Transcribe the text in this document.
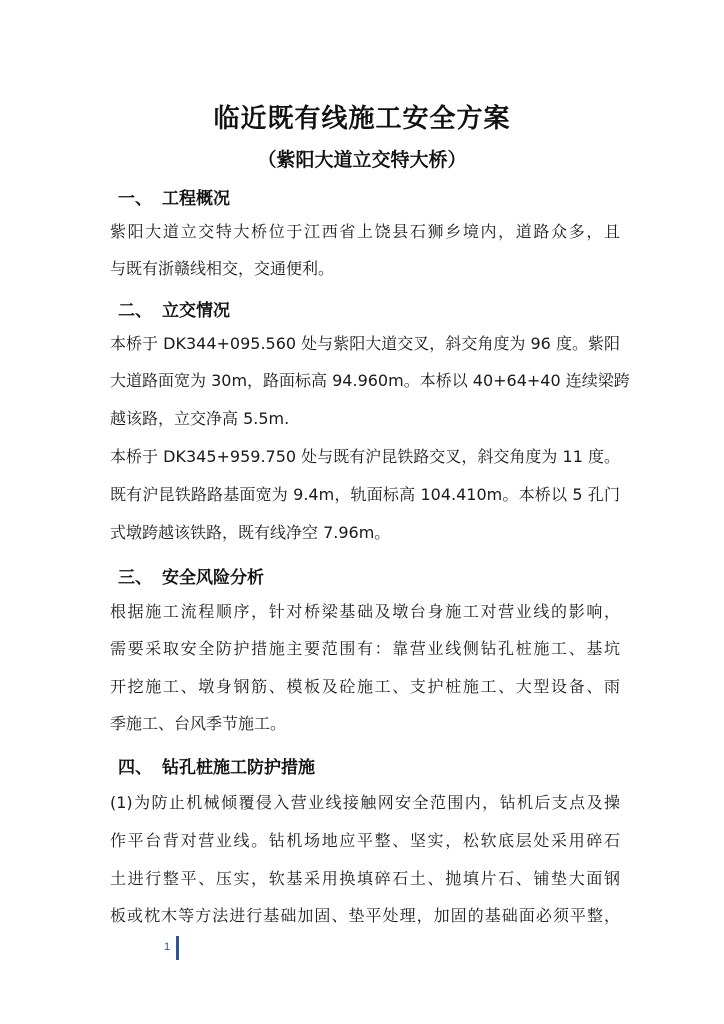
临近既有线施工安全方案
（紫阳大道立交特大桥）
一、 工程概况
紫阳大道立交特大桥位于江西省上饶县石狮乡境内，道路众多，且
与既有浙赣线相交，交通便利。
二、 立交情况
本桥于 DK344+095.560 处与紫阳大道交叉，斜交角度为 96 度。紫阳
大道路面宽为 30m，路面标高 94.960m。本桥以 40+64+40 连续梁跨
越该路，立交净高 5.5m.
本桥于 DK345+959.750 处与既有沪昆铁路交叉，斜交角度为 11 度。
既有沪昆铁路路基面宽为 9.4m，轨面标高 104.410m。本桥以 5 孔门
式墩跨越该铁路，既有线净空 7.96m。
三、 安全风险分析
根据施工流程顺序，针对桥梁基础及墩台身施工对营业线的影响，
需要采取安全防护措施主要范围有：靠营业线侧钻孔桩施工、基坑
开挖施工、墩身钢筋、模板及砼施工、支护桩施工、大型设备、雨
季施工、台风季节施工。
四、 钻孔桩施工防护措施
(1)为防止机械倾覆侵入营业线接触网安全范围内，钻机后支点及操
作平台背对营业线。钻机场地应平整、坚实，松软底层处采用碎石
土进行整平、压实，软基采用换填碎石土、抛填片石、铺垫大面钢
板或枕木等方法进行基础加固、垫平处理，加固的基础面必须平整，
1
